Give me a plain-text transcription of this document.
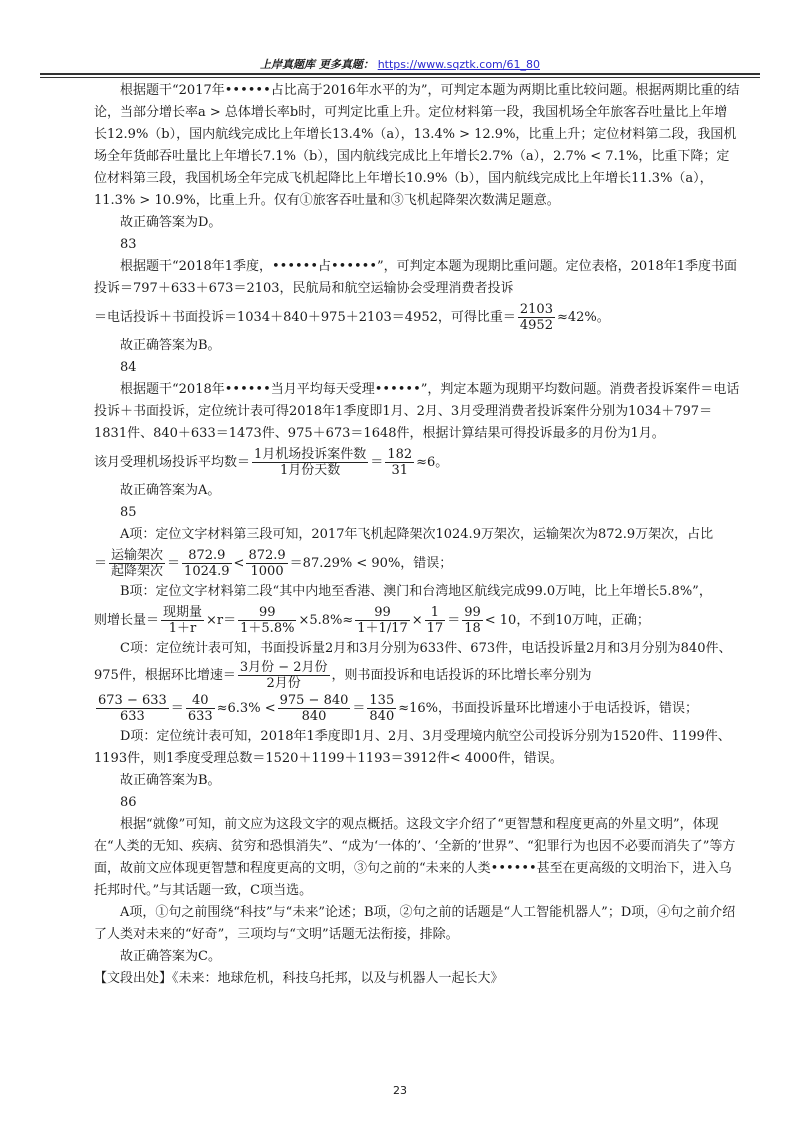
上岸真题库 更多真题： https://www.sqztk.com/61_80

根据题干“2017年••••••占比高于2016年水平的为”，可判定本题为两期比重比较问题。根据两期比重的结论，当部分增长率a > 总体增长率b时，可判定比重上升。定位材料第一段，我国机场全年旅客吞吐量比上年增长12.9%（b），国内航线完成比上年增长13.4%（a），13.4% > 12.9%，比重上升；定位材料第二段，我国机场全年货邮吞吐量比上年增长7.1%（b），国内航线完成比上年增长2.7%（a），2.7% < 7.1%，比重下降；定位材料第三段，我国机场全年完成飞机起降比上年增长10.9%（b），国内航线完成比上年增长11.3%（a），11.3% > 10.9%，比重上升。仅有①旅客吞吐量和③飞机起降架次数满足题意。

故正确答案为D。

83

根据题干“2018年1季度，••••••占••••••”，可判定本题为现期比重问题。定位表格，2018年1季度书面投诉＝797＋633＋673＝2103，民航局和航空运输协会受理消费者投诉

＝电话投诉＋书面投诉＝1034＋840＋975＋2103＝4952，可得比重＝ $\frac{2103}{4952} \approx 42\%$。

故正确答案为B。

84

根据题干“2018年••••••当月平均每天受理••••••”，判定本题为现期平均数问题。消费者投诉案件＝电话投诉＋书面投诉，定位统计表可得2018年1季度即1月、2月、3月受理消费者投诉案件分别为1034＋797＝1831件、840＋633＝1473件、975＋673＝1648件，根据计算结果可得投诉最多的月份为1月。

该月受理机场投诉平均数＝ $\frac{\text{1月机场投诉案件数}}{\text{1月份天数}} = \frac{182}{31} \approx 6$。

故正确答案为A。

85

A项：定位文字材料第三段可知，2017年飞机起降架次1024.9万架次，运输架次为872.9万架次，占比

＝ $\frac{\text{运输架次}}{\text{起降架次}} = \frac{872.9}{1024.9} < \frac{872.9}{1000} =87.29\% < 90\%$，错误；

B项：定位文字材料第二段“其中内地至香港、澳门和台湾地区航线完成99.0万吨，比上年增长5.8%”，

则增长量＝ $\frac{\text{现期量}}{1+r} \times r= \frac{99}{1+5.8\%} \times 5.8\%\approx \frac{99}{1+1/17} \times \frac{1}{17} = \frac{99}{18} < 10$，不到10万吨，正确；
C项：定位统计表可知，书面投诉量2月和3月分别为633件、673件，电话投诉量2月和3月分别为840件、975件，根据环比增速＝ $\frac{\text{3月份 − 2月份}}{\text{2月份}}$ ，则书面投诉和电话投诉的环比增长率分别为
$\frac{673 - 633}{633} = \frac{40}{633} \approx 6.3\% < \frac{975 - 840}{840} = \frac{135}{840} \approx 16\%$，书面投诉量环比增速小于电话投诉，错误；

D项：定位统计表可知，2018年1季度即1月、2月、3月受理境内航空公司投诉分别为1520件、1199件、1193件，则1季度受理总数＝1520＋1199＋1193＝3912件< 4000件，错误。

故正确答案为B。

86

根据“就像”可知，前文应为这段文字的观点概括。这段文字介绍了“更智慧和程度更高的外星文明”，体现在“人类的无知、疾病、贫穷和恐惧消失”、“成为‘一体的’、‘全新的’世界”、“犯罪行为也因不必要而消失了”等方面，故前文应体现更智慧和程度更高的文明，③句之前的“未来的人类••••••甚至在更高级的文明治下，进入乌托邦时代。”与其话题一致，C项当选。

A项，①句之前围绕“科技”与“未来”论述；B项，②句之前的话题是“人工智能机器人”；D项，④句之前介绍了人类对未来的“好奇”，三项均与“文明”话题无法衔接，排除。

故正确答案为C。

【文段出处】《未来：地球危机，科技乌托邦，以及与机器人一起长大》

23
